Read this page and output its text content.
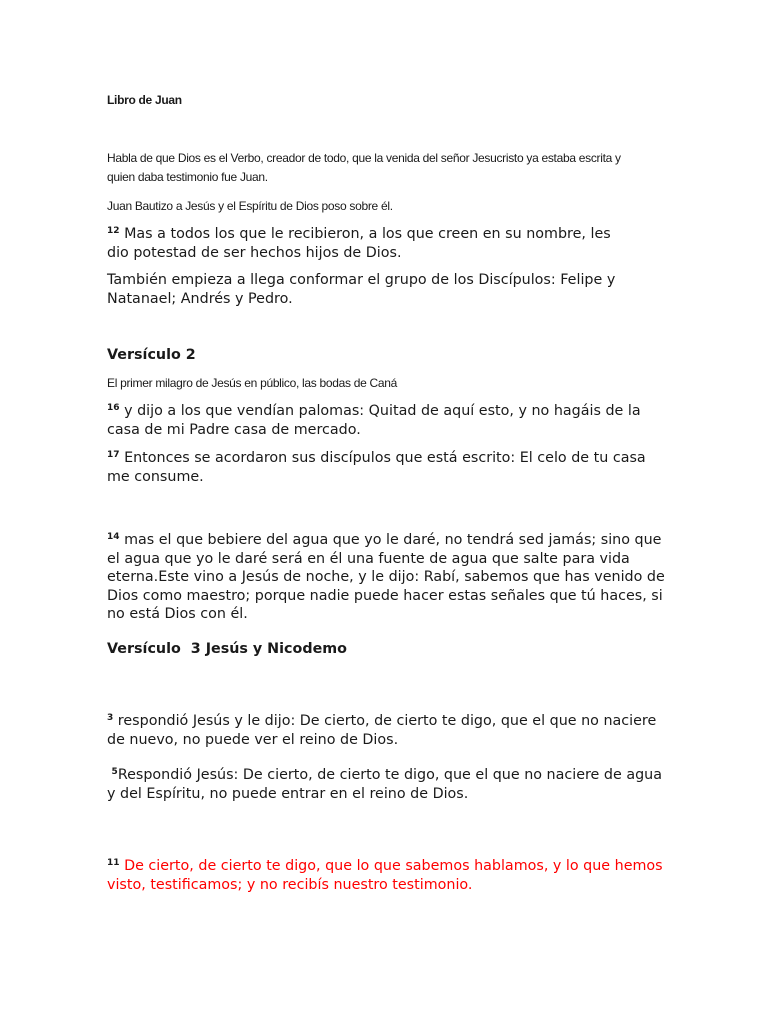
Libro de Juan

Habla de que Dios es el Verbo, creador de todo, que la venida del señor Jesucristo ya estaba escrita y quien daba testimonio fue Juan.

Juan Bautizo a Jesús y el Espíritu de Dios poso sobre él.

$^{12}$ Mas a todos los que le recibieron, a los que creen en su nombre, les dio potestad de ser hechos hijos de Dios.

También empieza a llega conformar el grupo de los Discípulos: Felipe y Natanael; Andrés y Pedro.

Versículo 2

El primer milagro de Jesús en público, las bodas de Caná

$^{16}$ y dijo a los que vendían palomas: Quitad de aquí esto, y no hagáis de la casa de mi Padre casa de mercado.

$^{17}$ Entonces se acordaron sus discípulos que está escrito: El celo de tu casa me consume.

$^{14}$ mas el que bebiere del agua que yo le daré, no tendrá sed jamás; sino que el agua que yo le daré será en él una fuente de agua que salte para vida eterna.Este vino a Jesús de noche, y le dijo: Rabí, sabemos que has venido de Dios como maestro; porque nadie puede hacer estas señales que tú haces, si no está Dios con él.

Versículo  3 Jesús y Nicodemo

$^3$ respondió Jesús y le dijo: De cierto, de cierto te digo, que el que no naciere de nuevo, no puede ver el reino de Dios.

$^5$Respondió Jesús: De cierto, de cierto te digo, que el que no naciere de agua y del Espíritu, no puede entrar en el reino de Dios.

$^{11}$ De cierto, de cierto te digo, que lo que sabemos hablamos, y lo que hemos visto, testificamos; y no recibís nuestro testimonio.
